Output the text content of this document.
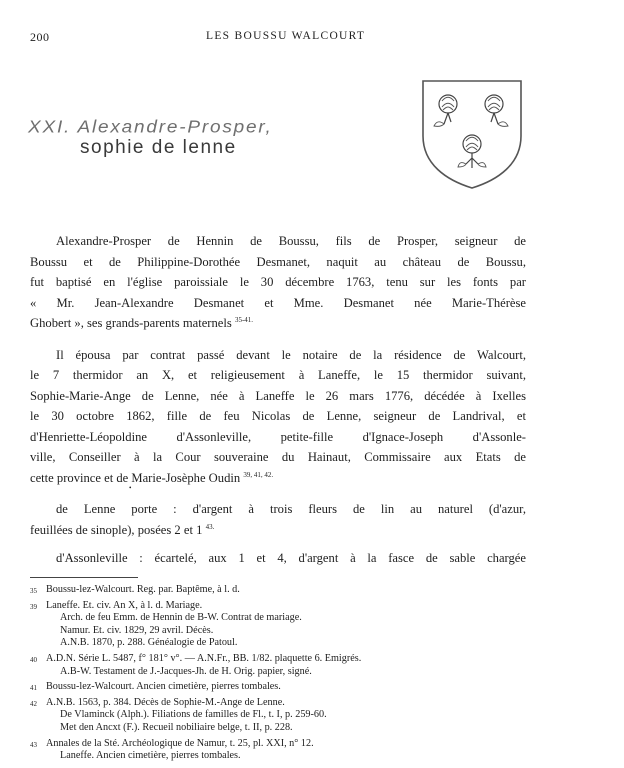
200	LES BOUSSU WALCOURT
XXI. Alexandre-Prosper,
sophie de lenne
Alexandre-Prosper de Hennin de Boussu, fils de Prosper, seigneur de
Boussu et de Philippine-Dorothée Desmanet, naquit au château de Boussu,
fut baptisé en l'église paroissiale le 30 décembre 1763, tenu sur les fonts par
« Mr. Jean-Alexandre Desmanet et Mme. Desmanet née Marie-Thérèse
Ghobert », ses grands-parents maternels $^{35-41.}$
Il épousa par contrat passé devant le notaire de la résidence de Walcourt,
le 7 thermidor an X, et religieusement à Laneffe, le 15 thermidor suivant,
Sophie-Marie-Ange de Lenne, née à Laneffe le 26 mars 1776, décédée à Ixelles
le 30 octobre 1862, fille de feu Nicolas de Lenne, seigneur de Landrival, et
d'Henriette-Léopoldine d'Assonleville, petite-fille d'Ignace-Joseph d'Assonle-
ville, Conseiller à la Cour souveraine du Hainaut, Commissaire aux Etats de
cette province et de Marie-Josèphe Oudin $^{39, 41, 42.}$
de Lenne porte : d'argent à trois fleurs de lin au naturel (d'azur,
feuillées de sinople), posées 2 et 1 $^{43.}$
d'Assonleville : écartelé, aux 1 et 4, d'argent à la fasce de sable chargée
•
35 Boussu-lez-Walcourt. Reg. par. Baptême, à l. d.
39 Laneffe. Et. civ. An X, à l. d. Mariage.
Arch. de feu Emm. de Hennin de B-W. Contrat de mariage.
Namur. Et. civ. 1829, 29 avril. Décès.
A.N.B. 1870, p. 288. Généalogie de Patoul.
40 A.D.N. Série L. 5487, f° 181° v°. — A.N.Fr., BB. 1/82. plaquette 6. Emigrés.
A.B-W. Testament de J.-Jacques-Jh. de H. Orig. papier, signé.
41 Boussu-lez-Walcourt. Ancien cimetière, pierres tombales.
42 A.N.B. 1563, p. 384. Décès de Sophie-M.-Ange de Lenne.
De Vlaminck (Alph.). Filiations de familles de Fl., t. I, p. 259-60.
Met den Ancxt (F.). Recueil nobiliaire belge, t. II, p. 228.
43 Annales de la Sté. Archéologique de Namur, t. 25, pl. XXI, n° 12.
Laneffe. Ancien cimetière, pierres tombales.
